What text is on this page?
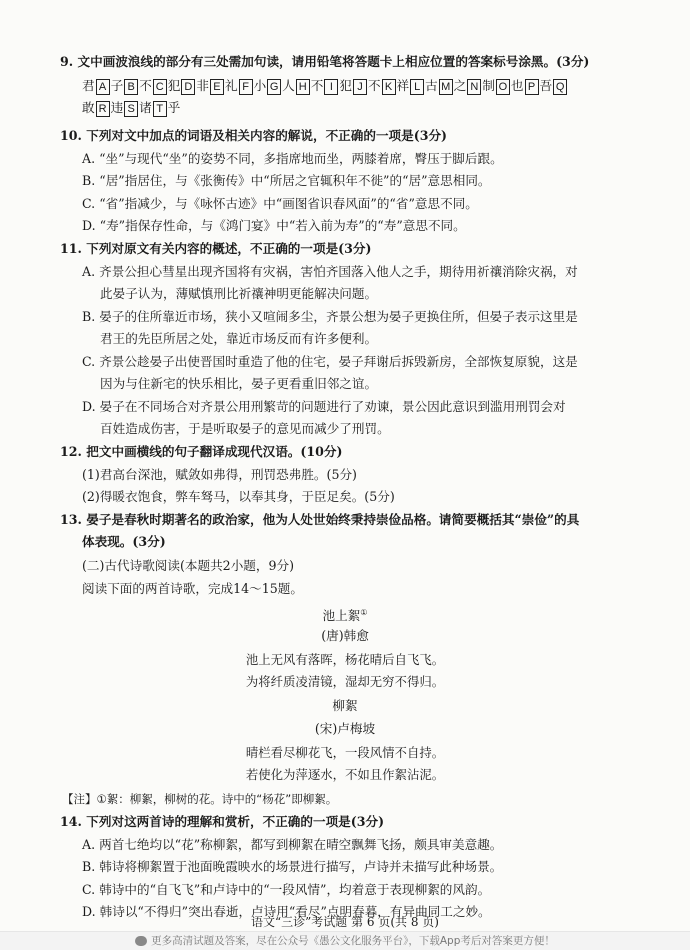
9. 文中画波浪线的部分有三处需加句读，请用铅笔将答题卡上相应位置的答案标号涂黑。(3分)
君 A 子 B 不 C 犯 D 非 E 礼 F 小 G 人 H 不 I 犯 J 不 K 祥 L 古 M 之 N 制 O 也 P 吾 Q
敢 R 违 S 诸 T 乎
10. 下列对文中加点的词语及相关内容的解说，不正确的一项是(3分)
A. “坐”与现代“坐”的姿势不同，多指席地而坐，两膝着席，臀压于脚后跟。
B. “居”指居住，与《张衡传》中“所居之官辄积年不徙”的“居”意思相同。
C. “省”指减少，与《咏怀古迹》中“画图省识春风面”的“省”意思不同。
D. “寿”指保存性命，与《鸿门宴》中“若入前为寿”的“寿”意思不同。
11. 下列对原文有关内容的概述，不正确的一项是(3分)
A. 齐景公担心彗星出现齐国将有灾祸，害怕齐国落入他人之手，期待用祈禳消除灾祸，对
此晏子认为，薄赋慎刑比祈禳神明更能解决问题。
B. 晏子的住所靠近市场，狭小又喧闹多尘，齐景公想为晏子更换住所，但晏子表示这里是
君王的先臣所居之处，靠近市场反而有许多便利。
C. 齐景公趁晏子出使晋国时重造了他的住宅，晏子拜谢后拆毁新房，全部恢复原貌，这是
因为与住新宅的快乐相比，晏子更看重旧邻之谊。
D. 晏子在不同场合对齐景公用刑繁苛的问题进行了劝谏，景公因此意识到滥用刑罚会对
百姓造成伤害，于是听取晏子的意见而减少了刑罚。
12. 把文中画横线的句子翻译成现代汉语。(10分)
(1)君高台深池，赋敛如弗得，刑罚恐弗胜。(5分)
(2)得暖衣饱食，弊车驽马，以奉其身，于臣足矣。(5分)
13. 晏子是春秋时期著名的政治家，他为人处世始终秉持崇俭品格。请简要概括其“崇俭”的具
体表现。(3分)
(二)古代诗歌阅读(本题共2小题，9分)
阅读下面的两首诗歌，完成14～15题。
池上絮①
(唐)韩愈
池上无风有落晖，杨花晴后自飞飞。
为将纤质凌清镜，湿却无穷不得归。
柳絮
(宋)卢梅坡
晴栏看尽柳花飞，一段风情不自持。
若使化为萍逐水，不如且作絮沾泥。
【注】①絮：柳絮，柳树的花。诗中的“杨花”即柳絮。
14. 下列对这两首诗的理解和赏析，不正确的一项是(3分)
A. 两首七绝均以“花”称柳絮，都写到柳絮在晴空飘舞飞扬，颇具审美意趣。
B. 韩诗将柳絮置于池面晚霞映水的场景进行描写，卢诗并未描写此种场景。
C. 韩诗中的“自飞飞”和卢诗中的“一段风情”，均着意于表现柳絮的风韵。
D. 韩诗以“不得归”突出春逝，卢诗用“看尽”点明春暮，有异曲同工之妙。
语文“三诊”考试题 第 6 页(共 8 页)
更多高清试题及答案，尽在公众号《愚公文化服务平台》，下载App考后对答案更方便！
